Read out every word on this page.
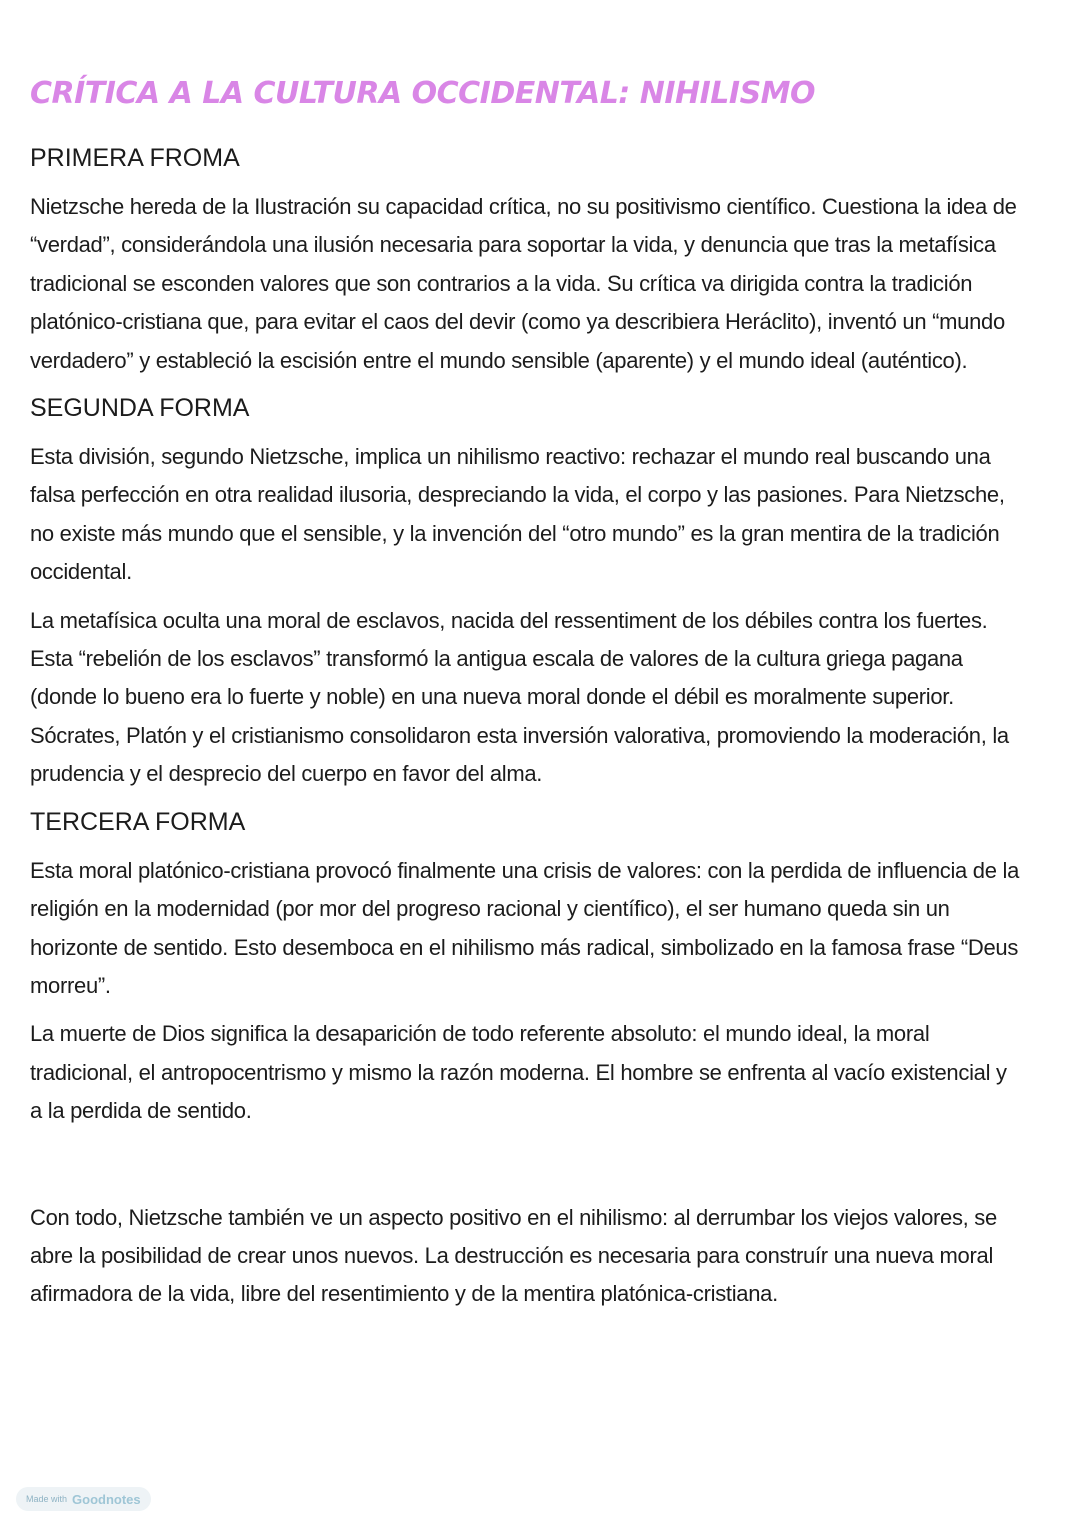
CRÍTICA A LA CULTURA OCCIDENTAL: NIHILISMO
PRIMERA FROMA

Nietzsche hereda de la Ilustración su capacidad crítica, no su positivismo científico. Cuestiona la idea de “verdad”, considerándola una ilusión necesaria para soportar la vida, y denuncia que tras la metafísica tradicional se esconden valores que son contrarios a la vida. Su crítica va dirigida contra la tradición platónico-cristiana que, para evitar el caos del devir (como ya describiera Heráclito), inventó un “mundo verdadero” y estableció la escisión entre el mundo sensible (aparente) y el mundo ideal (auténtico).

SEGUNDA FORMA

Esta división, segundo Nietzsche, implica un nihilismo reactivo: rechazar el mundo real buscando una falsa perfección en otra realidad ilusoria, despreciando la vida, el corpo y las pasiones. Para Nietzsche, no existe más mundo que el sensible, y la invención del “otro mundo” es la gran mentira de la tradición occidental.

La metafísica oculta una moral de esclavos, nacida del ressentiment de los débiles contra los fuertes. Esta “rebelión de los esclavos” transformó la antigua escala de valores de la cultura griega pagana (donde lo bueno era lo fuerte y noble) en una nueva moral donde el débil es moralmente superior. Sócrates, Platón y el cristianismo consolidaron esta inversión valorativa, promoviendo la moderación, la prudencia y el desprecio del cuerpo en favor del alma.

TERCERA FORMA

Esta moral platónico-cristiana provocó finalmente una crisis de valores: con la perdida de influencia de la religión en la modernidad (por mor del progreso racional y científico), el ser humano queda sin un horizonte de sentido. Esto desemboca en el nihilismo más radical, simbolizado en la famosa frase “Deus morreu”.

La muerte de Dios significa la desaparición de todo referente absoluto: el mundo ideal, la moral tradicional, el antropocentrismo y mismo la razón moderna. El hombre se enfrenta al vacío existencial y a la perdida de sentido.

Con todo, Nietzsche también ve un aspecto positivo en el nihilismo: al derrumbar los viejos valores, se abre la posibilidad de crear unos nuevos. La destrucción es necesaria para construír una nueva moral afirmadora de la vida, libre del resentimiento y de la mentira platónica-cristiana.

Made with Goodnotes
